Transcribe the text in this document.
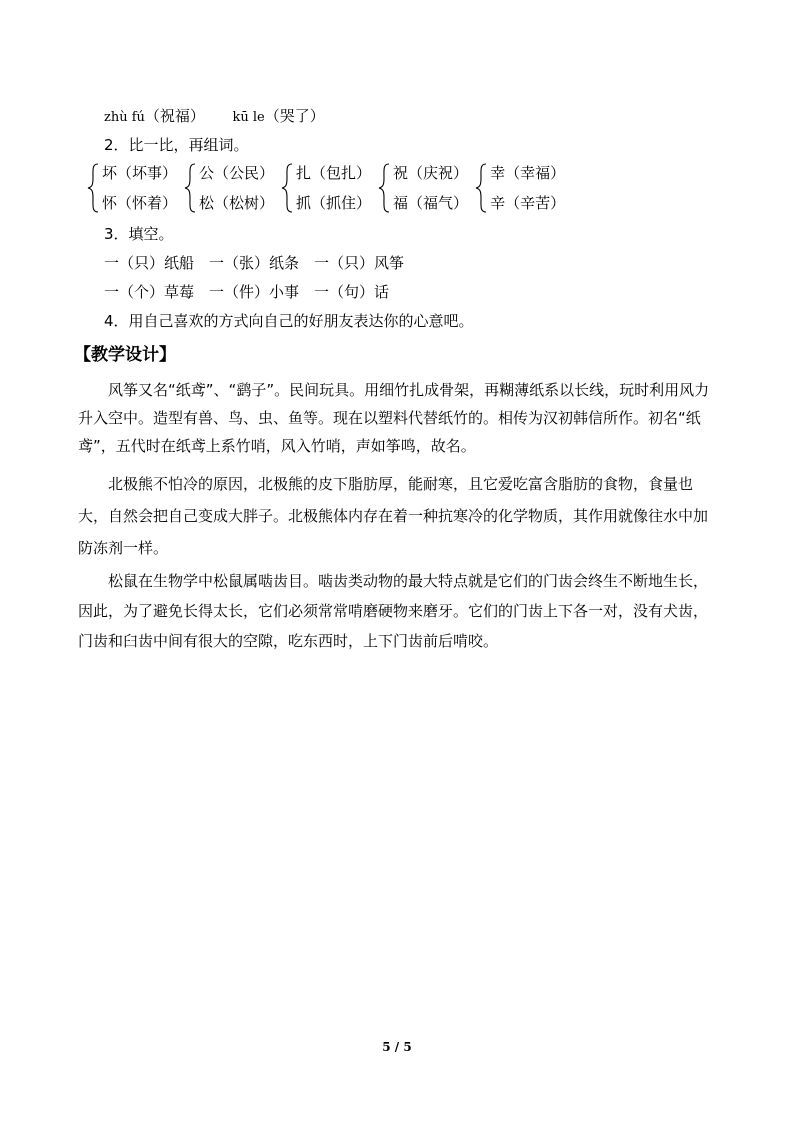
zhù fú（祝福） kū le（哭了）
2．比一比，再组词。
坏（坏事）
怀（怀着）
公（公民）
松（松树）
扎（包扎）
抓（抓住）
祝（庆祝）
福（福气）
幸（幸福）
辛（辛苦）
3．填空。
一（只）纸船　一（张）纸条　一（只）风筝
一（个）草莓　一（件）小事　一（句）话
4．用自己喜欢的方式向自己的好朋友表达你的心意吧。
【教学设计】

风筝又名“纸鸢”、“鹞子”。民间玩具。用细竹扎成骨架，再糊薄纸系以长线，玩时利用风力升入空中。造型有兽、鸟、虫、鱼等。现在以塑料代替纸竹的。相传为汉初韩信所作。初名“纸鸢”，五代时在纸鸢上系竹哨，风入竹哨，声如筝鸣，故名。

北极熊不怕冷的原因，北极熊的皮下脂肪厚，能耐寒，且它爱吃富含脂肪的食物，食量也大，自然会把自己变成大胖子。北极熊体内存在着一种抗寒冷的化学物质，其作用就像往水中加防冻剂一样。

松鼠在生物学中松鼠属啮齿目。啮齿类动物的最大特点就是它们的门齿会终生不断地生长，因此，为了避免长得太长，它们必须常常啃磨硬物来磨牙。它们的门齿上下各一对，没有犬齿，门齿和臼齿中间有很大的空隙，吃东西时，上下门齿前后啃咬。

5 / 5
